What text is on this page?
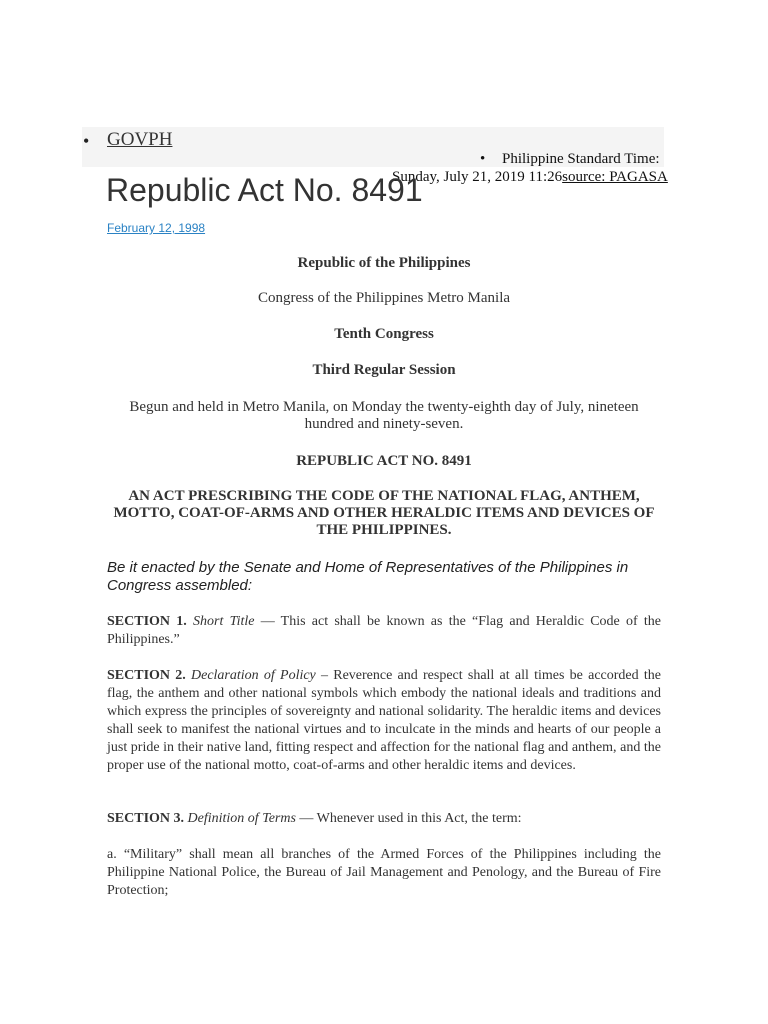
• GOVPH
• Philippine Standard Time:
Sunday, July 21, 2019 11:26source: PAGASA
Republic Act No. 8491
February 12, 1998
Republic of the Philippines
Congress of the Philippines Metro Manila
Tenth Congress
Third Regular Session
Begun and held in Metro Manila, on Monday the twenty-eighth day of July, nineteen hundred and ninety-seven.
REPUBLIC ACT NO. 8491
AN ACT PRESCRIBING THE CODE OF THE NATIONAL FLAG, ANTHEM, MOTTO, COAT-OF-ARMS AND OTHER HERALDIC ITEMS AND DEVICES OF THE PHILIPPINES.
Be it enacted by the Senate and Home of Representatives of the Philippines in Congress assembled:

SECTION 1. Short Title — This act shall be known as the “Flag and Heraldic Code of the Philippines.”

SECTION 2. Declaration of Policy – Reverence and respect shall at all times be accorded the flag, the anthem and other national symbols which embody the national ideals and traditions and which express the principles of sovereignty and national solidarity. The heraldic items and devices shall seek to manifest the national virtues and to inculcate in the minds and hearts of our people a just pride in their native land, fitting respect and affection for the national flag and anthem, and the proper use of the national motto, coat-of-arms and other heraldic items and devices.

SECTION 3. Definition of Terms — Whenever used in this Act, the term:

a. “Military” shall mean all branches of the Armed Forces of the Philippines including the Philippine National Police, the Bureau of Jail Management and Penology, and the Bureau of Fire Protection;
